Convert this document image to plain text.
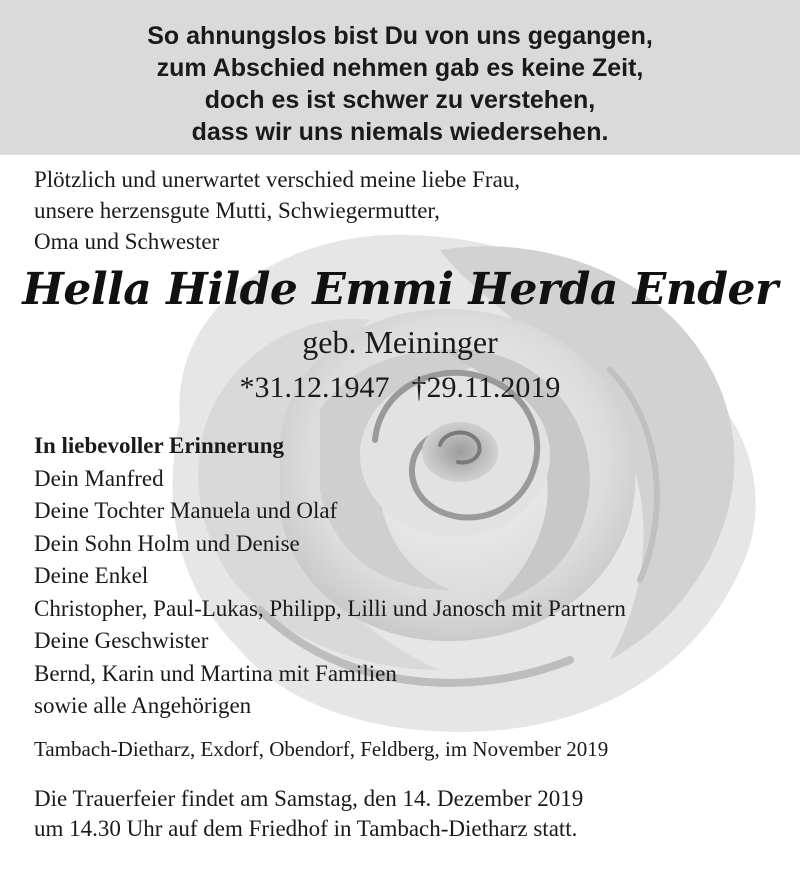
So ahnungslos bist Du von uns gegangen,
zum Abschied nehmen gab es keine Zeit,
doch es ist schwer zu verstehen,
dass wir uns niemals wiedersehen.
Plötzlich und unerwartet verschied meine liebe Frau,
unsere herzensgute Mutti, Schwiegermutter,
Oma und Schwester
Hella Hilde Emmi Herda Ender
geb. Meininger
*31.12.1947 †29.11.2019
In liebevoller Erinnerung
Dein Manfred
Deine Tochter Manuela und Olaf
Dein Sohn Holm und Denise
Deine Enkel
Christopher, Paul-Lukas, Philipp, Lilli und Janosch mit Partnern
Deine Geschwister
Bernd, Karin und Martina mit Familien
sowie alle Angehörigen
Tambach-Dietharz, Exdorf, Obendorf, Feldberg, im November 2019
Die Trauerfeier findet am Samstag, den 14. Dezember 2019
um 14.30 Uhr auf dem Friedhof in Tambach-Dietharz statt.
